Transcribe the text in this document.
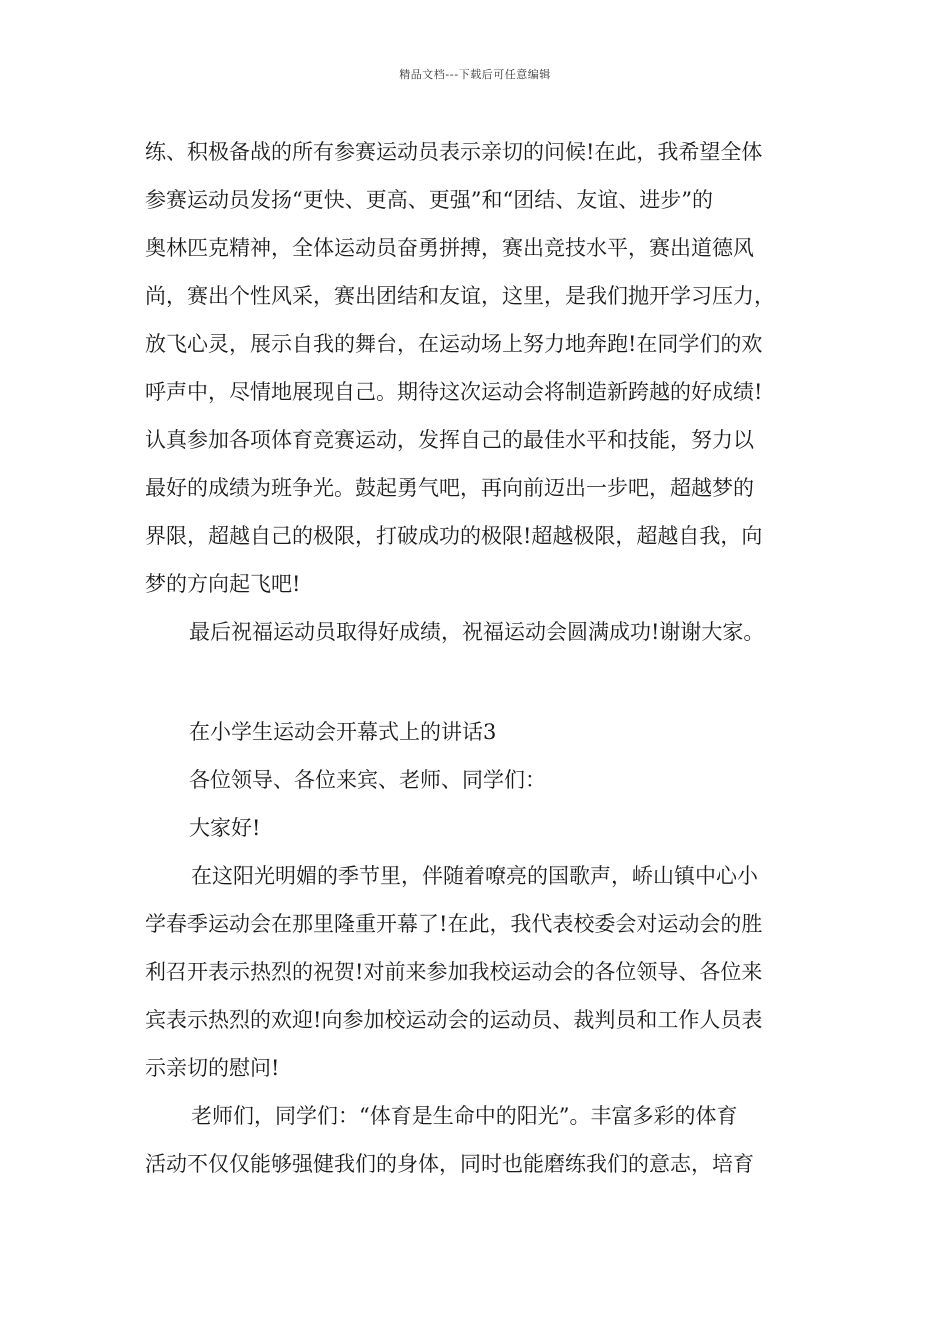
精品文档---下载后可任意编辑
练、积极备战的所有参赛运动员表示亲切的问候!在此，我希望全体
参赛运动员发扬“更快、更高、更强”和“团结、友谊、进步”的
奥林匹克精神，全体运动员奋勇拼搏，赛出竞技水平，赛出道德风
尚，赛出个性风采，赛出团结和友谊，这里，是我们抛开学习压力，
放飞心灵，展示自我的舞台，在运动场上努力地奔跑!在同学们的欢
呼声中，尽情地展现自己。期待这次运动会将制造新跨越的好成绩!
认真参加各项体育竞赛运动，发挥自己的最佳水平和技能，努力以
最好的成绩为班争光。鼓起勇气吧，再向前迈出一步吧，超越梦的
界限，超越自己的极限，打破成功的极限!超越极限，超越自我，向
梦的方向起飞吧!
最后祝福运动员取得好成绩，祝福运动会圆满成功!谢谢大家。
在小学生运动会开幕式上的讲话3
各位领导、各位来宾、老师、同学们：
大家好!
在这阳光明媚的季节里，伴随着嘹亮的国歌声，峤山镇中心小
学春季运动会在那里隆重开幕了!在此，我代表校委会对运动会的胜
利召开表示热烈的祝贺!对前来参加我校运动会的各位领导、各位来
宾表示热烈的欢迎!向参加校运动会的运动员、裁判员和工作人员表
示亲切的慰问!
老师们，同学们：“体育是生命中的阳光”。丰富多彩的体育
活动不仅仅能够强健我们的身体，同时也能磨练我们的意志，培育
